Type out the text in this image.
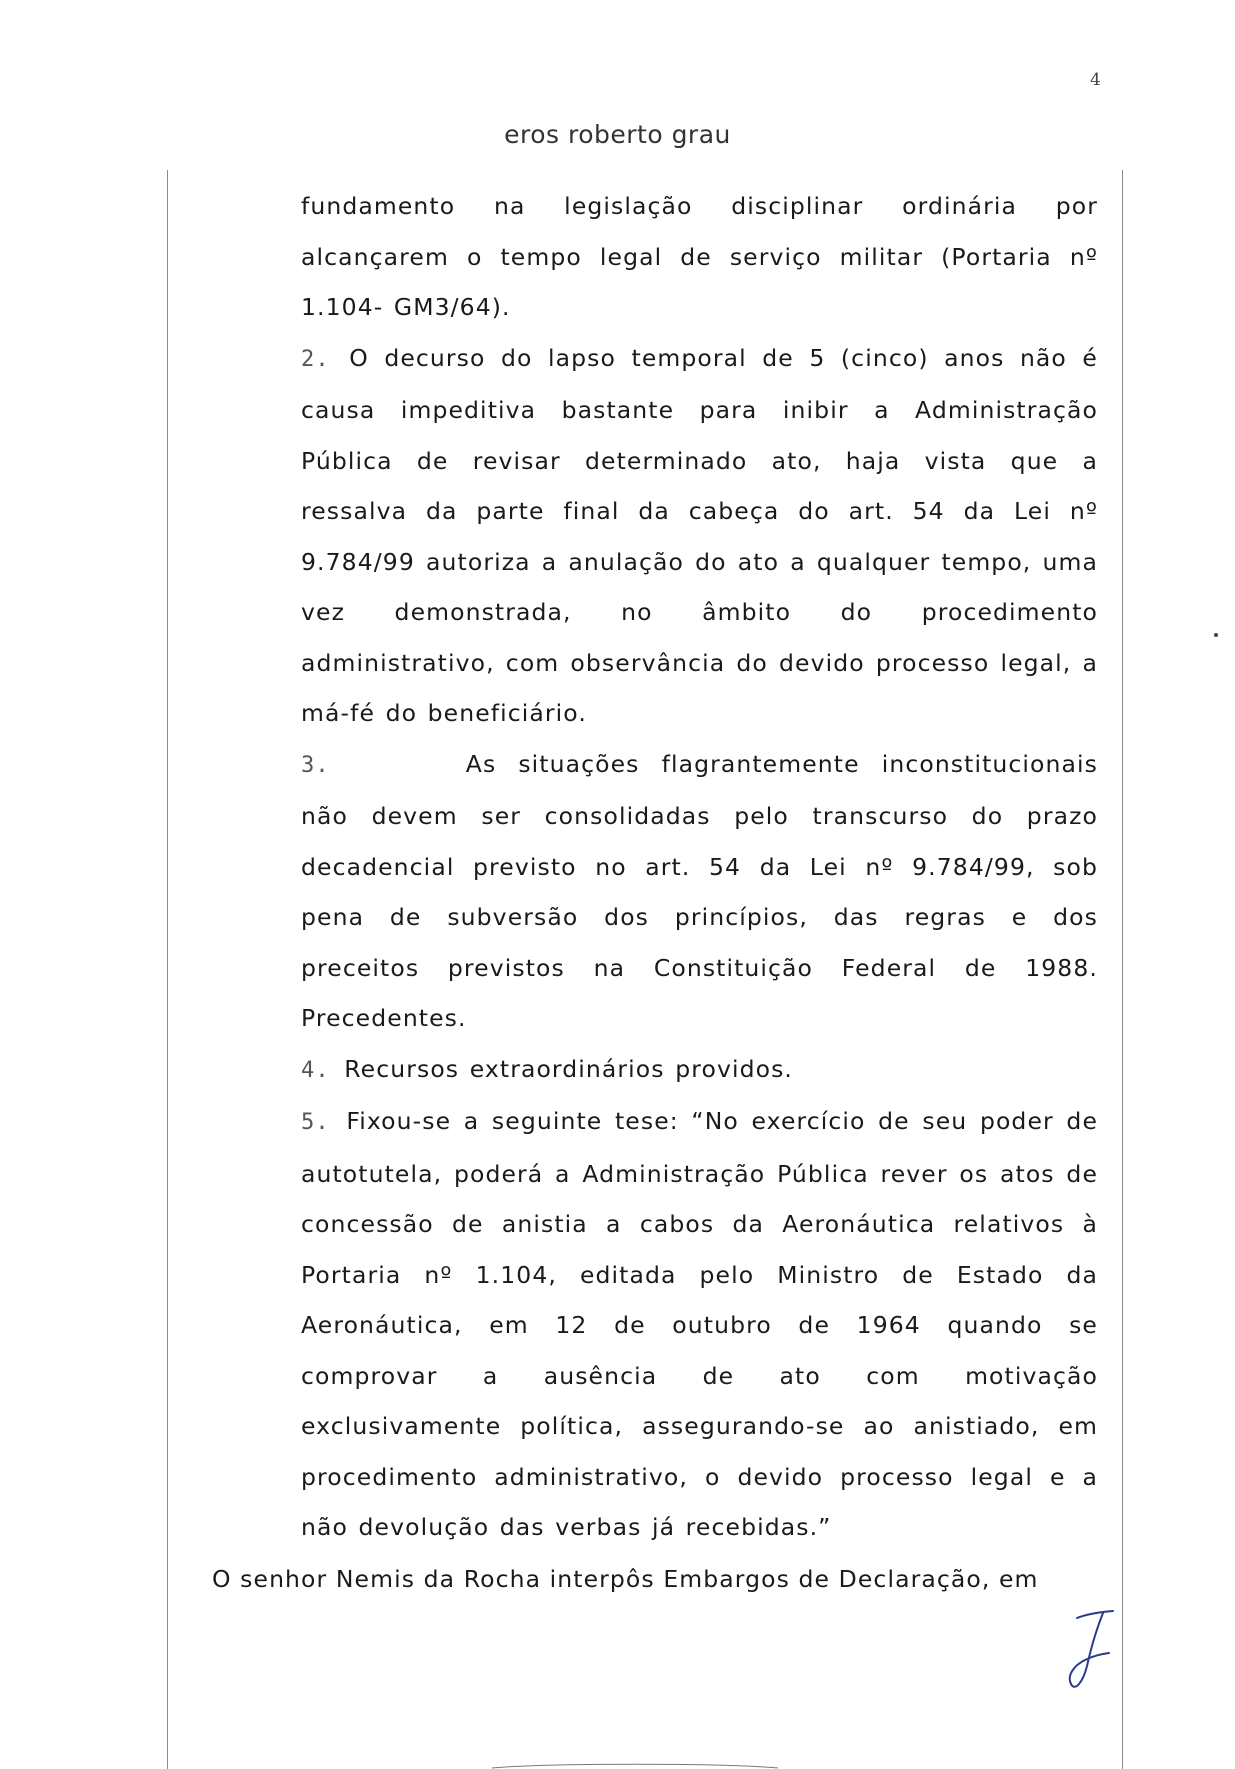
4
eros roberto grau

fundamento na legislação disciplinar ordinária por alcançarem o tempo legal de serviço militar (Portaria nº 1.104- GM3/64).

2. O decurso do lapso temporal de 5 (cinco) anos não é causa impeditiva bastante para inibir a Administração Pública de revisar determinado ato, haja vista que a ressalva da parte final da cabeça do art. 54 da Lei nº 9.784/99 autoriza a anulação do ato a qualquer tempo, uma vez demonstrada, no âmbito do procedimento administrativo, com observância do devido processo legal, a má-fé do beneficiário.

3.	As situações flagrantemente inconstitucionais não devem ser consolidadas pelo transcurso do prazo decadencial previsto no art. 54 da Lei nº 9.784/99, sob pena de subversão dos princípios, das regras e dos preceitos previstos na Constituição Federal de 1988. Precedentes.

4. Recursos extraordinários providos.

5. Fixou-se a seguinte tese: “No exercício de seu poder de autotutela, poderá a Administração Pública rever os atos de concessão de anistia a cabos da Aeronáutica relativos à Portaria nº 1.104, editada pelo Ministro de Estado da Aeronáutica, em 12 de outubro de 1964 quando se comprovar a ausência de ato com motivação exclusivamente política, assegurando-se ao anistiado, em procedimento administrativo, o devido processo legal e a não devolução das verbas já recebidas.”

O senhor Nemis da Rocha interpôs Embargos de Declaração, em
